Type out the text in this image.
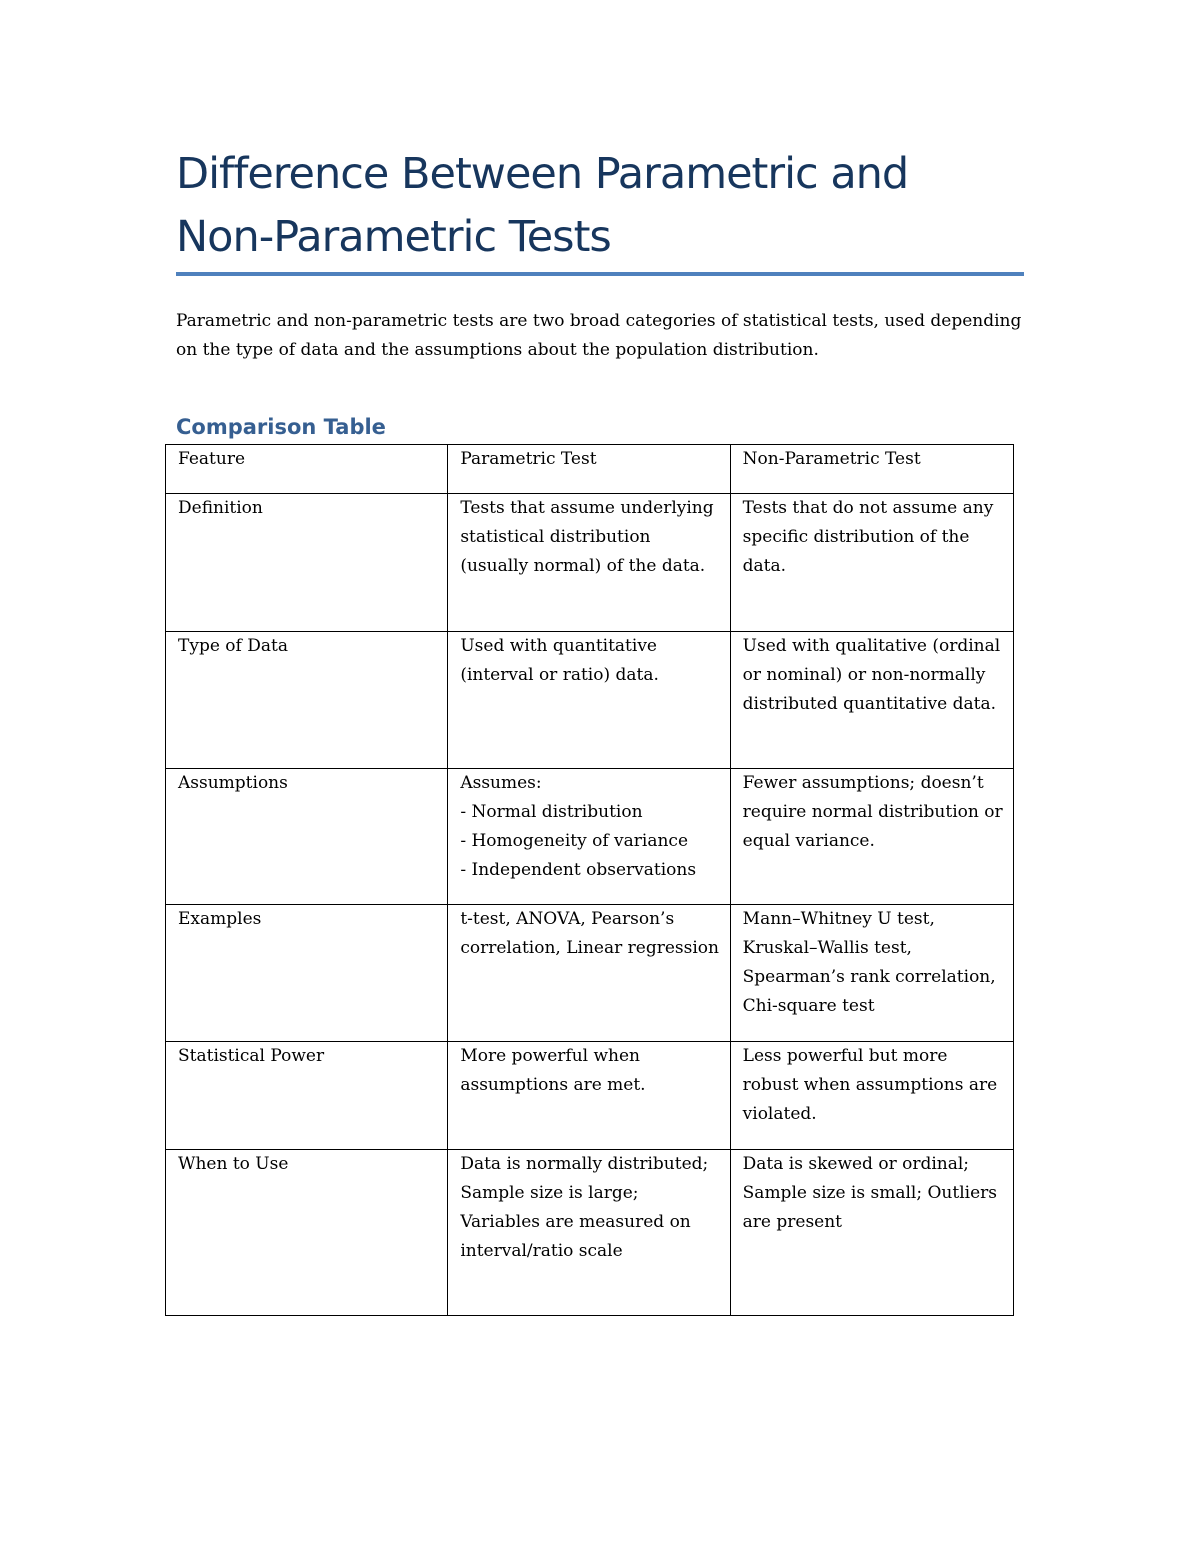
Difference Between Parametric and
Non-Parametric Tests

Parametric and non-parametric tests are two broad categories of statistical tests, used depending on the type of data and the assumptions about the population distribution.

Comparison Table
Feature	Parametric Test	Non-Parametric Test
Definition	Tests that assume underlying statistical distribution (usually normal) of the data.	Tests that do not assume any specific distribution of the data.
Type of Data	Used with quantitative (interval or ratio) data.	Used with qualitative (ordinal or nominal) or non-normally distributed quantitative data.
Assumptions	Assumes:
- Normal distribution
- Homogeneity of variance
- Independent observations	Fewer assumptions; doesn’t require normal distribution or equal variance.
Examples	t-test, ANOVA, Pearson’s correlation, Linear regression	Mann–Whitney U test, Kruskal–Wallis test, Spearman’s rank correlation, Chi-square test
Statistical Power	More powerful when assumptions are met.	Less powerful but more robust when assumptions are violated.
When to Use	Data is normally distributed; Sample size is large; Variables are measured on interval/ratio scale	Data is skewed or ordinal; Sample size is small; Outliers are present
